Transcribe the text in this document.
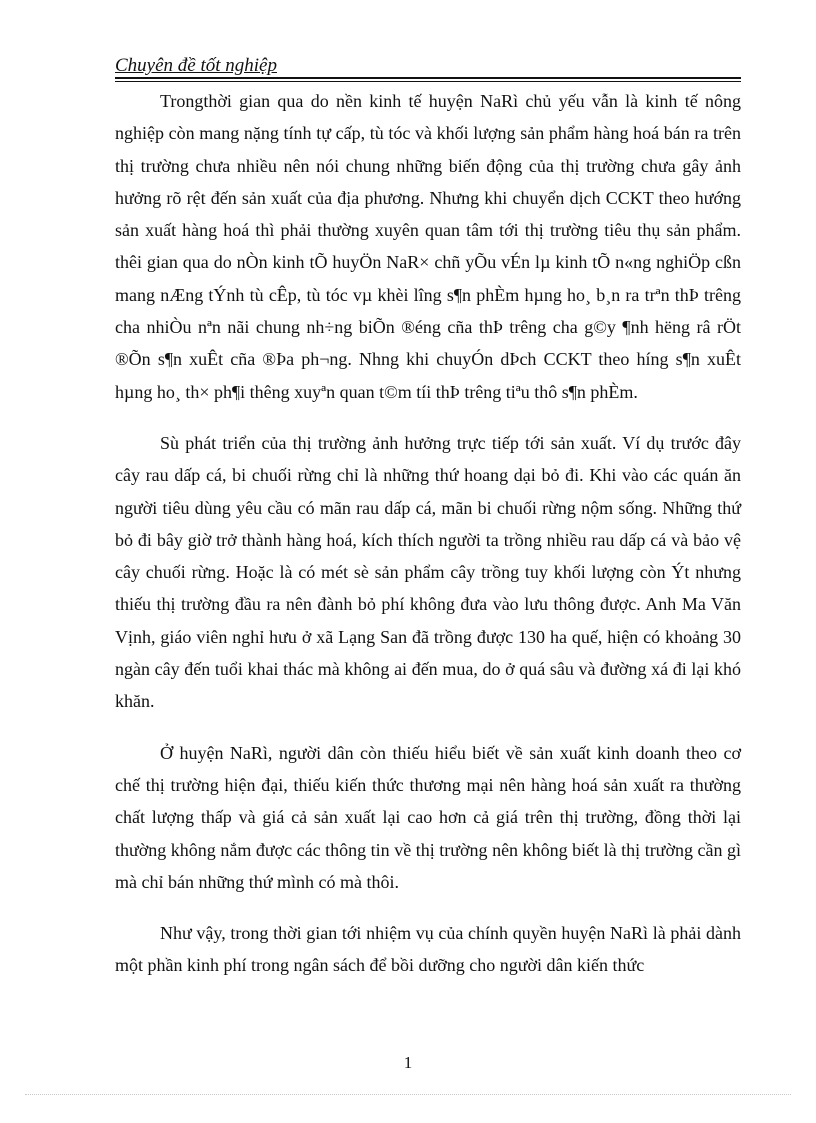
Chuyên đề tốt nghiệp

Trongthời gian qua do nền kinh tế huyện NaRì chủ yếu vẫn là kinh tế nông nghiệp còn mang nặng tính tự cấp, tù tóc và khối lượng sản phẩm hàng hoá bán ra trên thị trường chưa nhiều nên nói chung những biến động của thị trường chưa gây ảnh hưởng rõ rệt đến sản xuất của địa phương. Nhưng khi chuyển dịch CCKT theo hướng sản xuất hàng hoá thì phải thường xuyên quan tâm tới thị trường tiêu thụ sản phẩm. thêi gian qua do nÒn kinh tÕ huyÖn NaR× chñ yÕu vÉn lµ kinh tÕ n«ng nghiÖp cßn mang nÆng tÝnh tù cÊp, tù tóc vµ khèi lîng s¶n phÈm hµng ho¸ b¸n ra trªn thÞ trêng cha nhiÒu nªn nãi chung nh÷ng biÕn ®éng cña thÞ trêng cha g©y ¶nh hëng râ rÖt ®Õn s¶n xuÊt cña ®Þa ph¬ng. Nhng khi chuyÓn dÞch CCKT theo híng s¶n xuÊt hµng ho¸ th× ph¶i thêng xuyªn quan t©m tíi thÞ trêng tiªu thô s¶n phÈm.

Sù phát triển của thị trường ảnh hưởng trực tiếp tới sản xuất. Ví dụ trước đây cây rau dấp cá, bi chuối rừng chỉ là những thứ hoang dại bỏ đi. Khi vào các quán ăn người tiêu dùng yêu cầu có mãn rau dấp cá, mãn bi chuối rừng nộm sống. Những thứ bỏ đi bây giờ trở thành hàng hoá, kích thích người ta trồng nhiều rau dấp cá và bảo vệ cây chuối rừng. Hoặc là có mét sè sản phẩm cây trồng tuy khối lượng còn Ýt nhưng thiếu thị trường đầu ra nên đành bỏ phí không đưa vào lưu thông được. Anh Ma Văn Vịnh, giáo viên nghỉ hưu ở xã Lạng San đã trồng được 130 ha quế, hiện có khoảng 30 ngàn cây đến tuổi khai thác mà không ai đến mua, do ở quá sâu và đường xá đi lại khó khăn.

Ở huyện NaRì, người dân còn thiếu hiểu biết về sản xuất kinh doanh theo cơ chế thị trường hiện đại, thiếu kiến thức thương mại nên hàng hoá sản xuất ra thường chất lượng thấp và giá cả sản xuất lại cao hơn cả giá trên thị trường, đồng thời lại thường không nắm được các thông tin về thị trường nên không biết là thị trường cần gì mà chỉ bán những thứ mình có mà thôi.

Như vậy, trong thời gian tới nhiệm vụ của chính quyền huyện NaRì là phải dành một phần kinh phí trong ngân sách để bồi dưỡng cho người dân kiến thức

1
